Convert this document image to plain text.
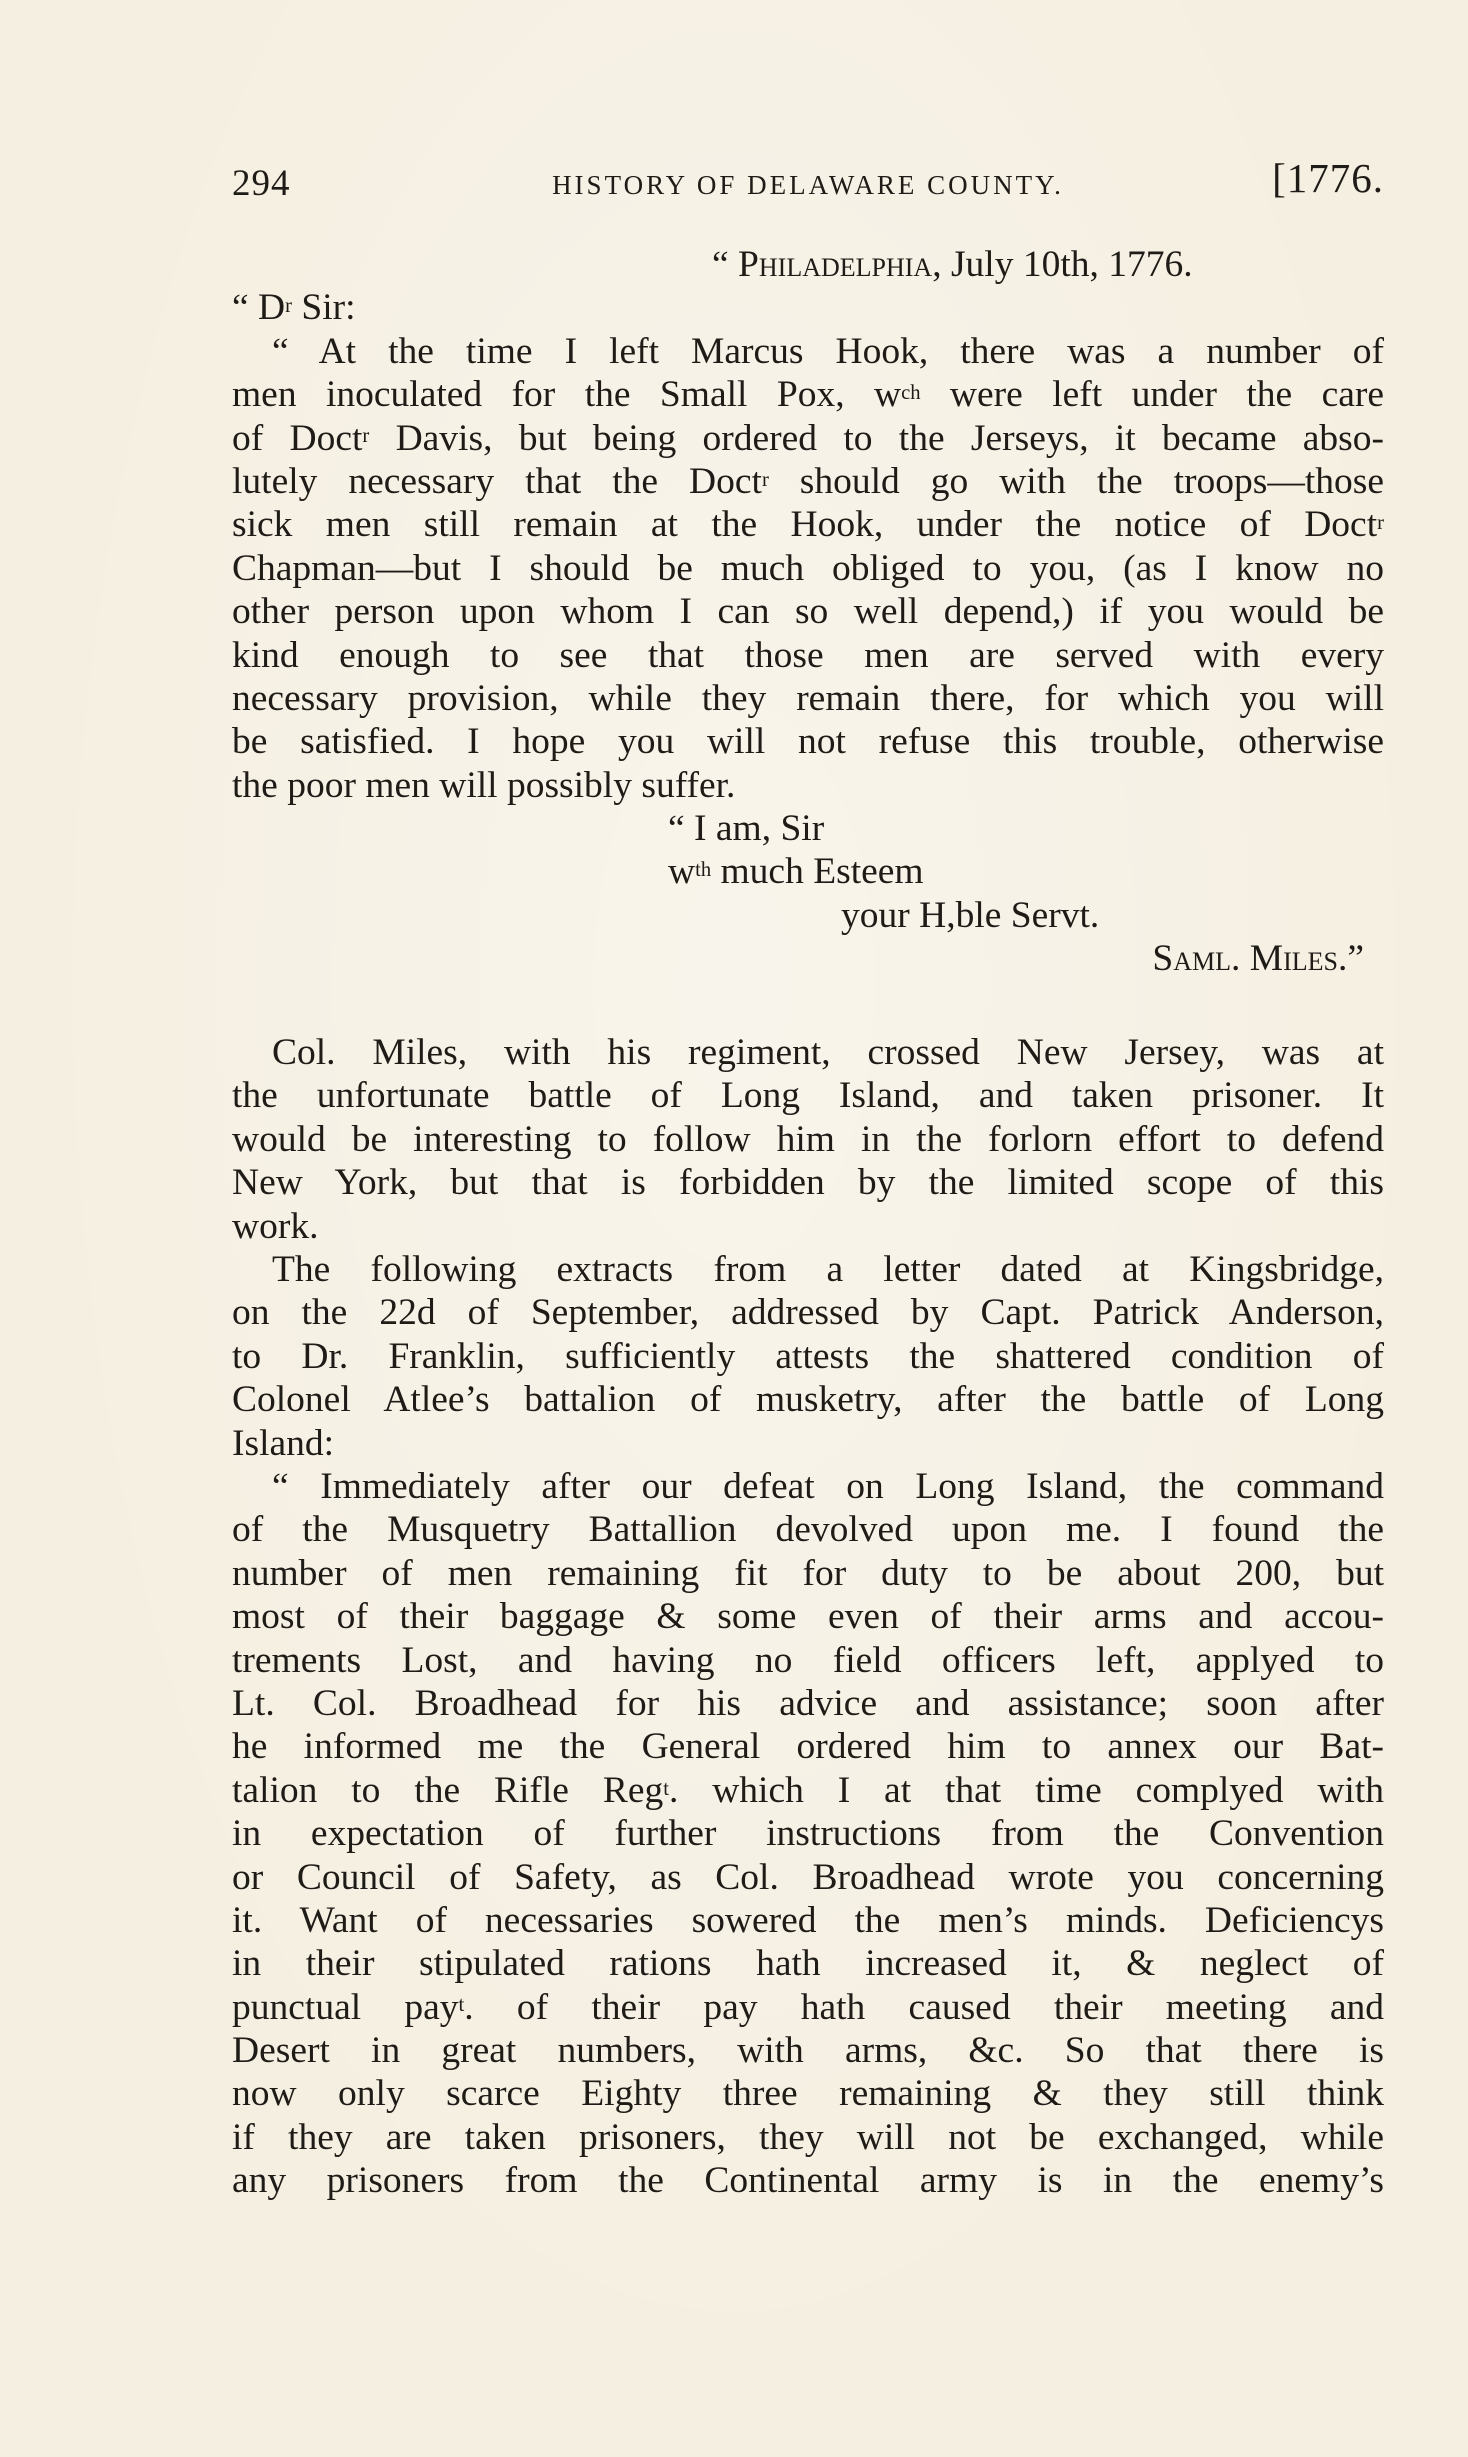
294	HISTORY OF DELAWARE COUNTY.	[1776.
“ Philadelphia, July 10th, 1776.
“ $D^r$ Sir:
“ At the time I left Marcus Hook, there was a number of
men inoculated for the Small Pox, $w^{ch}$ were left under the care
of Doct$^r$ Davis, but being ordered to the Jerseys, it became abso-
lutely necessary that the Doct$^r$ should go with the troops—those
sick men still remain at the Hook, under the notice of Doct$^r$
Chapman—but I should be much obliged to you, (as I know no
other person upon whom I can so well depend,) if you would be
kind enough to see that those men are served with every
necessary provision, while they remain there, for which you will
be satisfied. I hope you will not refuse this trouble, otherwise
the poor men will possibly suffer.
“ I am, Sir
$w^{th}$ much Esteem
your H,ble Servt.
Saml. Miles.”
Col. Miles, with his regiment, crossed New Jersey, was at
the unfortunate battle of Long Island, and taken prisoner. It
would be interesting to follow him in the forlorn effort to defend
New York, but that is forbidden by the limited scope of this
work.
The following extracts from a letter dated at Kingsbridge,
on the 22d of September, addressed by Capt. Patrick Anderson,
to Dr. Franklin, sufficiently attests the shattered condition of
Colonel Atlee’s battalion of musketry, after the battle of Long
Island:
“ Immediately after our defeat on Long Island, the command
of the Musquetry Battallion devolved upon me. I found the
number of men remaining fit for duty to be about 200, but
most of their baggage & some even of their arms and accou-
trements Lost, and having no field officers left, applyed to
Lt. Col. Broadhead for his advice and assistance; soon after
he informed me the General ordered him to annex our Bat-
talion to the Rifle Reg$^t$. which I at that time complyed with
in expectation of further instructions from the Convention
or Council of Safety, as Col. Broadhead wrote you concerning
it. Want of necessaries sowered the men’s minds. Deficiencys
in their stipulated rations hath increased it, & neglect of
punctual pay$^t$. of their pay hath caused their meeting and
Desert in great numbers, with arms, &c. So that there is
now only scarce Eighty three remaining & they still think
if they are taken prisoners, they will not be exchanged, while
any prisoners from the Continental army is in the enemy’s
